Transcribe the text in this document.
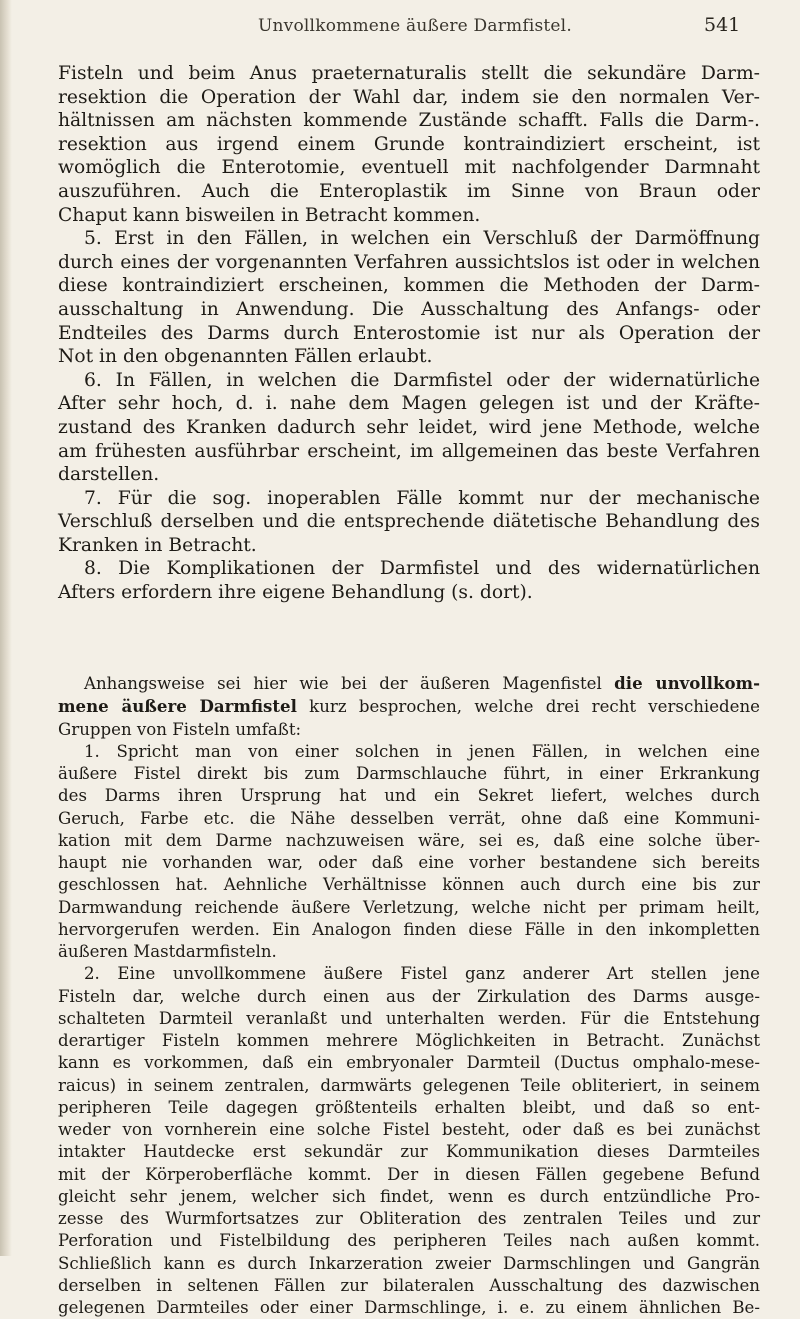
Unvollkommene äußere Darmfistel.	541
Fisteln und beim Anus praeternaturalis stellt die sekundäre Darm-
resektion die Operation der Wahl dar, indem sie den normalen Ver-
hältnissen am nächsten kommende Zustände schafft. Falls die Darm-.
resektion aus irgend einem Grunde kontraindiziert erscheint, ist
womöglich die Enterotomie, eventuell mit nachfolgender Darmnaht
auszuführen. Auch die Enteroplastik im Sinne von Braun oder
Chaput kann bisweilen in Betracht kommen.
5. Erst in den Fällen, in welchen ein Verschluß der Darmöffnung
durch eines der vorgenannten Verfahren aussichtslos ist oder in welchen
diese kontraindiziert erscheinen, kommen die Methoden der Darm-
ausschaltung in Anwendung. Die Ausschaltung des Anfangs- oder
Endteiles des Darms durch Enterostomie ist nur als Operation der
Not in den obgenannten Fällen erlaubt.
6. In Fällen, in welchen die Darmfistel oder der widernatürliche
After sehr hoch, d. i. nahe dem Magen gelegen ist und der Kräfte-
zustand des Kranken dadurch sehr leidet, wird jene Methode, welche
am frühesten ausführbar erscheint, im allgemeinen das beste Verfahren
darstellen.
7. Für die sog. inoperablen Fälle kommt nur der mechanische
Verschluß derselben und die entsprechende diätetische Behandlung des
Kranken in Betracht.
8. Die Komplikationen der Darmfistel und des widernatürlichen
Afters erfordern ihre eigene Behandlung (s. dort).
Anhangsweise sei hier wie bei der äußeren Magenfistel die unvollkom-
mene äußere Darmfistel kurz besprochen, welche drei recht verschiedene
Gruppen von Fisteln umfaßt:
1. Spricht man von einer solchen in jenen Fällen, in welchen eine
äußere Fistel direkt bis zum Darmschlauche führt, in einer Erkrankung
des Darms ihren Ursprung hat und ein Sekret liefert, welches durch
Geruch, Farbe etc. die Nähe desselben verrät, ohne daß eine Kommuni-
kation mit dem Darme nachzuweisen wäre, sei es, daß eine solche über-
haupt nie vorhanden war, oder daß eine vorher bestandene sich bereits
geschlossen hat. Aehnliche Verhältnisse können auch durch eine bis zur
Darmwandung reichende äußere Verletzung, welche nicht per primam heilt,
hervorgerufen werden. Ein Analogon finden diese Fälle in den inkompletten
äußeren Mastdarmfisteln.
2. Eine unvollkommene äußere Fistel ganz anderer Art stellen jene
Fisteln dar, welche durch einen aus der Zirkulation des Darms ausge-
schalteten Darmteil veranlaßt und unterhalten werden. Für die Entstehung
derartiger Fisteln kommen mehrere Möglichkeiten in Betracht. Zunächst
kann es vorkommen, daß ein embryonaler Darmteil (Ductus omphalo-mese-
raicus) in seinem zentralen, darmwärts gelegenen Teile obliteriert, in seinem
peripheren Teile dagegen größtenteils erhalten bleibt, und daß so ent-
weder von vornherein eine solche Fistel besteht, oder daß es bei zunächst
intakter Hautdecke erst sekundär zur Kommunikation dieses Darmteiles
mit der Körperoberfläche kommt. Der in diesen Fällen gegebene Befund
gleicht sehr jenem, welcher sich findet, wenn es durch entzündliche Pro-
zesse des Wurmfortsatzes zur Obliteration des zentralen Teiles und zur
Perforation und Fistelbildung des peripheren Teiles nach außen kommt.
Schließlich kann es durch Inkarzeration zweier Darmschlingen und Gangrän
derselben in seltenen Fällen zur bilateralen Ausschaltung des dazwischen
gelegenen Darmteiles oder einer Darmschlinge, i. e. zu einem ähnlichen Be-
